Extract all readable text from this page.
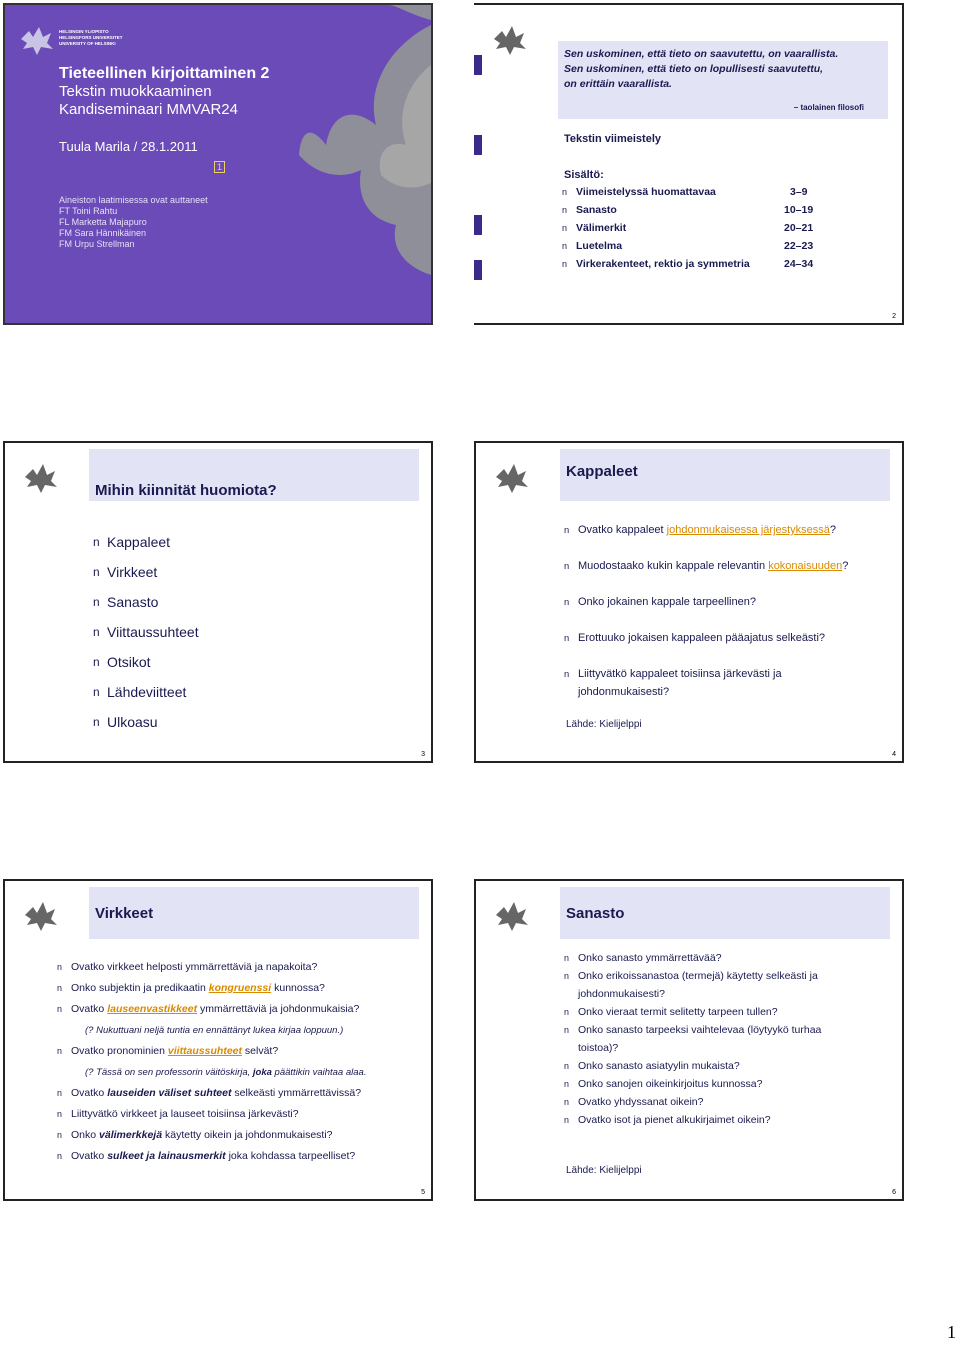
HELSINGIN YLIOPISTO
HELSINGFORS UNIVERSITET
UNIVERSITY OF HELSINKI
Tieteellinen kirjoittaminen 2
Tekstin muokkaaminen
Kandiseminaari MMVAR24
Tuula Marila / 28.1.2011
1
Aineiston laatimisessa ovat auttaneet
FT Toini Rahtu
FL Marketta Majapuro
FM Sara Hännikäinen
FM Urpu Strellman
Sen uskominen, että tieto on saavutettu, on vaarallista.
Sen uskominen, että tieto on lopullisesti saavutettu,
on erittäin vaarallista.
– taolainen filosofi
Tekstin viimeistely
Sisältö:
n Viimeistelyssä huomattavaa	3–9
n Sanasto	10–19
n Välimerkit	20–21
n Luetelma	22–23
n Virkerakenteet, rektio ja symmetria	24–34
2
Mihin kiinnität huomiota?
n Kappaleet
n Virkkeet
n Sanasto
n Viittaussuhteet
n Otsikot
n Lähdeviitteet
n Ulkoasu
3
Kappaleet
n Ovatko kappaleet johdonmukaisessa järjestyksessä?
n Muodostaako kukin kappale relevantin kokonaisuuden?
n Onko jokainen kappale tarpeellinen?
n Erottuuko jokaisen kappaleen pääajatus selkeästi?
n Liittyvätkö kappaleet toisiinsa järkevästi ja
johdonmukaisesti?
Lähde: Kielijelppi
4
Virkkeet
n Ovatko virkkeet helposti ymmärrettäviä ja napakoita?
n Onko subjektin ja predikaatin kongruenssi kunnossa?
n Ovatko lauseenvastikkeet ymmärrettäviä ja johdonmukaisia?
(? Nukuttuani neljä tuntia en ennättänyt lukea kirjaa loppuun.)
n Ovatko pronominien viittaussuhteet selvät?
(? Tässä on sen professorin väitöskirja, joka päättikin vaihtaa alaa.
n Ovatko lauseiden väliset suhteet selkeästi ymmärrettävissä?
n Liittyvätkö virkkeet ja lauseet toisiinsa järkevästi?
n Onko välimerkkejä käytetty oikein ja johdonmukaisesti?
n Ovatko sulkeet ja lainausmerkit joka kohdassa tarpeelliset?
5
Sanasto
n Onko sanasto ymmärrettävää?
n Onko erikoissanastoa (termejä) käytetty selkeästi ja
johdonmukaisesti?
n Onko vieraat termit selitetty tarpeen tullen?
n Onko sanasto tarpeeksi vaihtelevaa (löytyykö turhaa
toistoa)?
n Onko sanasto asiatyylin mukaista?
n Onko sanojen oikeinkirjoitus kunnossa?
n Ovatko yhdyssanat oikein?
n Ovatko isot ja pienet alkukirjaimet oikein?
Lähde: Kielijelppi
6
1
